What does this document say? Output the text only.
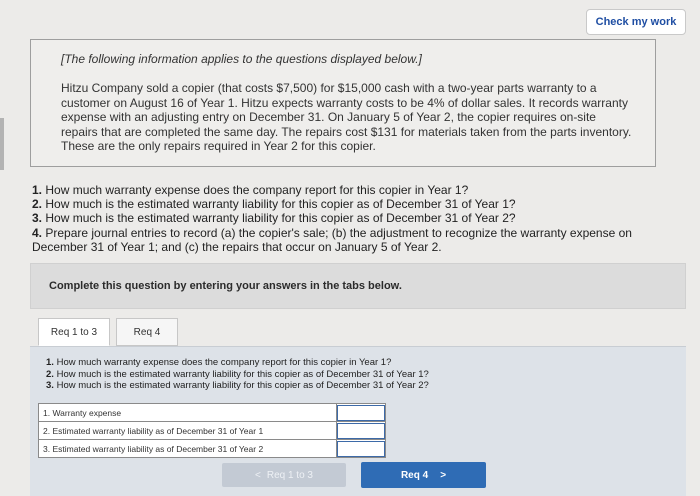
Check my work

[The following information applies to the questions displayed below.]

Hitzu Company sold a copier (that costs $7,500) for $15,000 cash with a two-year parts warranty to a customer on August 16 of Year 1. Hitzu expects warranty costs to be 4% of dollar sales. It records warranty expense with an adjusting entry on December 31. On January 5 of Year 2, the copier requires on-site repairs that are completed the same day. The repairs cost $131 for materials taken from the parts inventory. These are the only repairs required in Year 2 for this copier.

1. How much warranty expense does the company report for this copier in Year 1?
2. How much is the estimated warranty liability for this copier as of December 31 of Year 1?
3. How much is the estimated warranty liability for this copier as of December 31 of Year 2?
4. Prepare journal entries to record (a) the copier's sale; (b) the adjustment to recognize the warranty expense on December 31 of Year 1; and (c) the repairs that occur on January 5 of Year 2.
Complete this question by entering your answers in the tabs below.
Req 1 to 3	Req 4
1. How much warranty expense does the company report for this copier in Year 1?
2. How much is the estimated warranty liability for this copier as of December 31 of Year 1?
3. How much is the estimated warranty liability for this copier as of December 31 of Year 2?
1. Warranty expense	

2. Estimated warranty liability as of December 31 of Year 1	

3. Estimated warranty liability as of December 31 of Year 2	
< Req 1 to 3	Req 4 >
